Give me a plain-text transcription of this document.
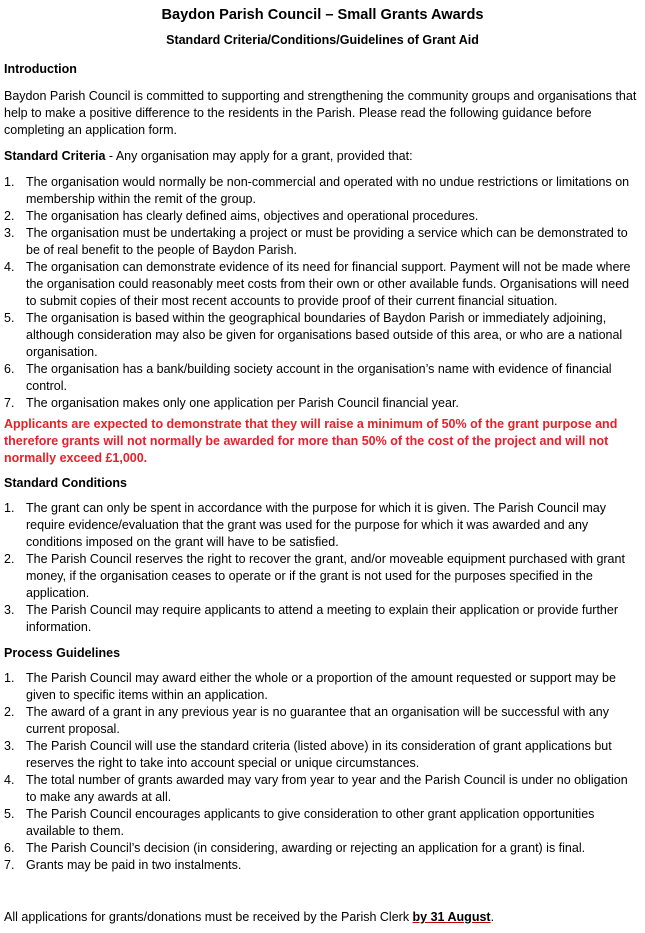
Baydon Parish Council – Small Grants Awards
Standard Criteria/Conditions/Guidelines of Grant Aid

Introduction

Baydon Parish Council is committed to supporting and strengthening the community groups and organisations that help to make a positive difference to the residents in the Parish. Please read the following guidance before completing an application form.

Standard Criteria - Any organisation may apply for a grant, provided that:

1. The organisation would normally be non-commercial and operated with no undue restrictions or limitations on membership within the remit of the group.
2. The organisation has clearly defined aims, objectives and operational procedures.
3. The organisation must be undertaking a project or must be providing a service which can be demonstrated to be of real benefit to the people of Baydon Parish.
4. The organisation can demonstrate evidence of its need for financial support. Payment will not be made where the organisation could reasonably meet costs from their own or other available funds. Organisations will need to submit copies of their most recent accounts to provide proof of their current financial situation.
5. The organisation is based within the geographical boundaries of Baydon Parish or immediately adjoining, although consideration may also be given for organisations based outside of this area, or who are a national organisation.
6. The organisation has a bank/building society account in the organisation’s name with evidence of financial control.
7. The organisation makes only one application per Parish Council financial year.

Applicants are expected to demonstrate that they will raise a minimum of 50% of the grant purpose and therefore grants will not normally be awarded for more than 50% of the cost of the project and will not normally exceed £1,000.

Standard Conditions

1. The grant can only be spent in accordance with the purpose for which it is given. The Parish Council may require evidence/evaluation that the grant was used for the purpose for which it was awarded and any conditions imposed on the grant will have to be satisfied.
2. The Parish Council reserves the right to recover the grant, and/or moveable equipment purchased with grant money, if the organisation ceases to operate or if the grant is not used for the purposes specified in the application.
3. The Parish Council may require applicants to attend a meeting to explain their application or provide further information.

Process Guidelines

1. The Parish Council may award either the whole or a proportion of the amount requested or support may be given to specific items within an application.
2. The award of a grant in any previous year is no guarantee that an organisation will be successful with any current proposal.
3. The Parish Council will use the standard criteria (listed above) in its consideration of grant applications but reserves the right to take into account special or unique circumstances.
4. The total number of grants awarded may vary from year to year and the Parish Council is under no obligation to make any awards at all.
5. The Parish Council encourages applicants to give consideration to other grant application opportunities available to them.
6. The Parish Council’s decision (in considering, awarding or rejecting an application for a grant) is final.
7. Grants may be paid in two instalments.

All applications for grants/donations must be received by the Parish Clerk by 31 August.
